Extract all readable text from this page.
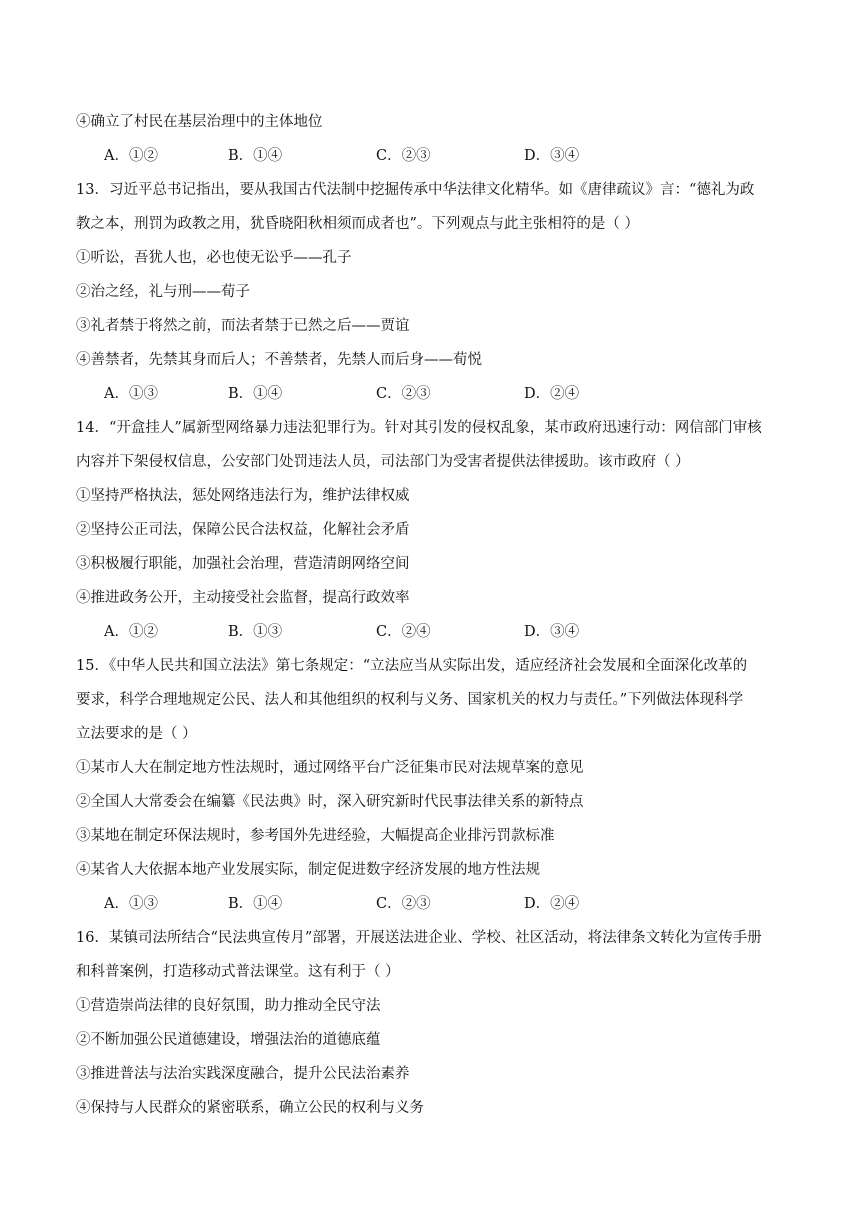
④确立了村民在基层治理中的主体地位
A．①②	B．①④	C．②③	D．③④
13．习近平总书记指出，要从我国古代法制中挖掘传承中华法律文化精华。如《唐律疏议》言：“德礼为政
教之本，刑罚为政教之用，犹昏晓阳秋相须而成者也”。下列观点与此主张相符的是（ ）
①听讼，吾犹人也，必也使无讼乎——孔子
②治之经，礼与刑——荀子
③礼者禁于将然之前，而法者禁于已然之后——贾谊
④善禁者，先禁其身而后人；不善禁者，先禁人而后身——荀悦
A．①③	B．①④	C．②③	D．②④
14．“开盒挂人”属新型网络暴力违法犯罪行为。针对其引发的侵权乱象，某市政府迅速行动：网信部门审核
内容并下架侵权信息，公安部门处罚违法人员，司法部门为受害者提供法律援助。该市政府（ ）
①坚持严格执法，惩处网络违法行为，维护法律权威
②坚持公正司法，保障公民合法权益，化解社会矛盾
③积极履行职能，加强社会治理，营造清朗网络空间
④推进政务公开，主动接受社会监督，提高行政效率
A．①②	B．①③	C．②④	D．③④
15．《中华人民共和国立法法》第七条规定：“立法应当从实际出发，适应经济社会发展和全面深化改革的
要求，科学合理地规定公民、法人和其他组织的权利与义务、国家机关的权力与责任。”下列做法体现科学
立法要求的是（ ）
①某市人大在制定地方性法规时，通过网络平台广泛征集市民对法规草案的意见
②全国人大常委会在编纂《民法典》时，深入研究新时代民事法律关系的新特点
③某地在制定环保法规时，参考国外先进经验，大幅提高企业排污罚款标准
④某省人大依据本地产业发展实际，制定促进数字经济发展的地方性法规
A．①③	B．①④	C．②③	D．②④
16．某镇司法所结合“民法典宣传月”部署，开展送法进企业、学校、社区活动，将法律条文转化为宣传手册
和科普案例，打造移动式普法课堂。这有利于（ ）
①营造崇尚法律的良好氛围，助力推动全民守法
②不断加强公民道德建设，增强法治的道德底蕴
③推进普法与法治实践深度融合，提升公民法治素养
④保持与人民群众的紧密联系，确立公民的权利与义务
